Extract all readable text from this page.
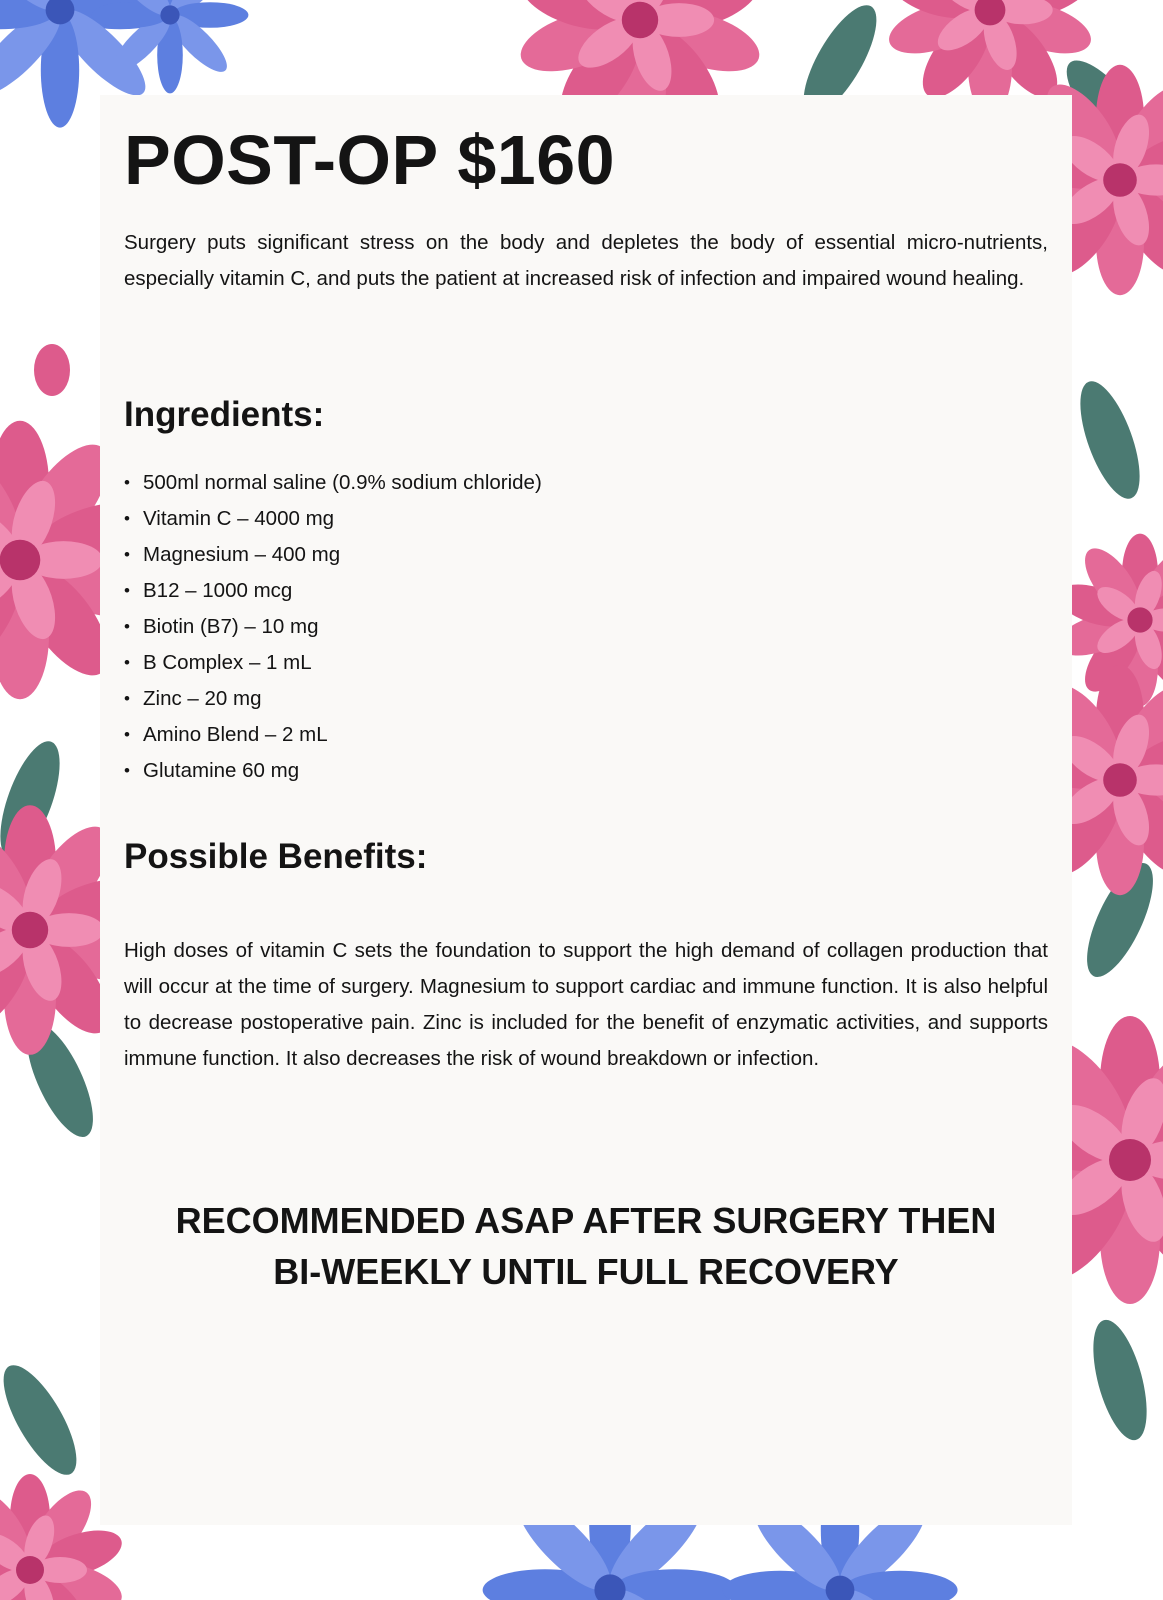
POST-OP $160

Surgery puts significant stress on the body and depletes the body of essential micro-nutrients, especially vitamin C, and puts the patient at increased risk of infection and impaired wound healing.

Ingredients:
• 500ml normal saline (0.9% sodium chloride)
• Vitamin C – 4000 mg
• Magnesium – 400 mg
• B12 – 1000 mcg
• Biotin (B7) – 10 mg
• B Complex – 1 mL
• Zinc – 20 mg
• Amino Blend – 2 mL
• Glutamine 60 mg
Possible Benefits:

High doses of vitamin C sets the foundation to support the high demand of collagen production that will occur at the time of surgery. Magnesium to support cardiac and immune function. It is also helpful to decrease postoperative pain. Zinc is included for the benefit of enzymatic activities, and supports immune function. It also decreases the risk of wound breakdown or infection.

RECOMMENDED ASAP AFTER SURGERY THEN
BI-WEEKLY UNTIL FULL RECOVERY
